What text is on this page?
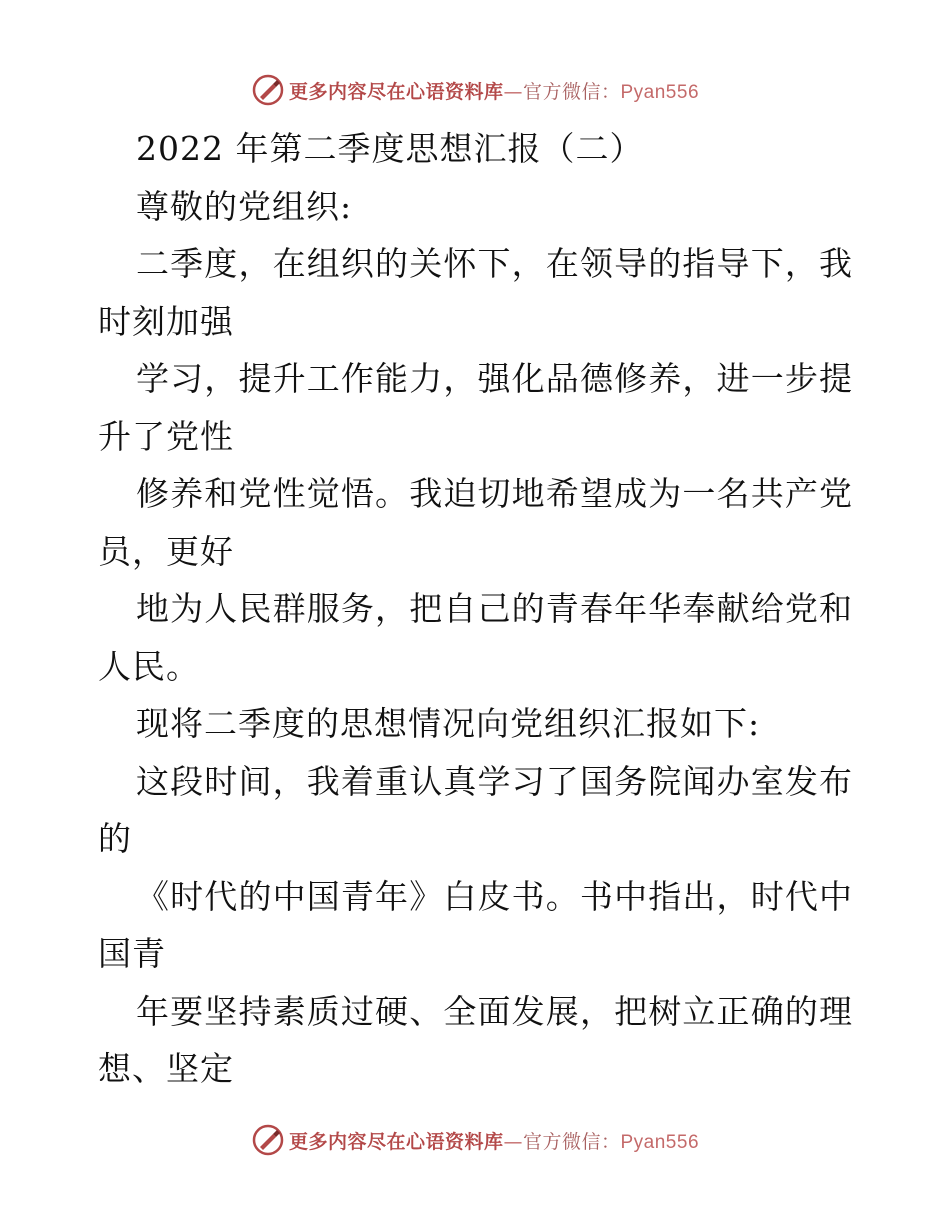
更多内容尽在心语资料库—官方微信：Pyan556
2022 年第二季度思想汇报（二）
尊敬的党组织:
二季度，在组织的关怀下，在领导的指导下，我
时刻加强
学习，提升工作能力，强化品德修养，进一步提
升了党性
修养和党性觉悟。我迫切地希望成为一名共产党
员，更好
地为人民群服务，把自己的青春年华奉献给党和
人民。
现将二季度的思想情况向党组织汇报如下:
这段时间，我着重认真学习了国务院闻办室发布
的
《时代的中国青年》白皮书。书中指出，时代中
国青
年要坚持素质过硬、全面发展，把树立正确的理
想、坚定
更多内容尽在心语资料库—官方微信：Pyan556
